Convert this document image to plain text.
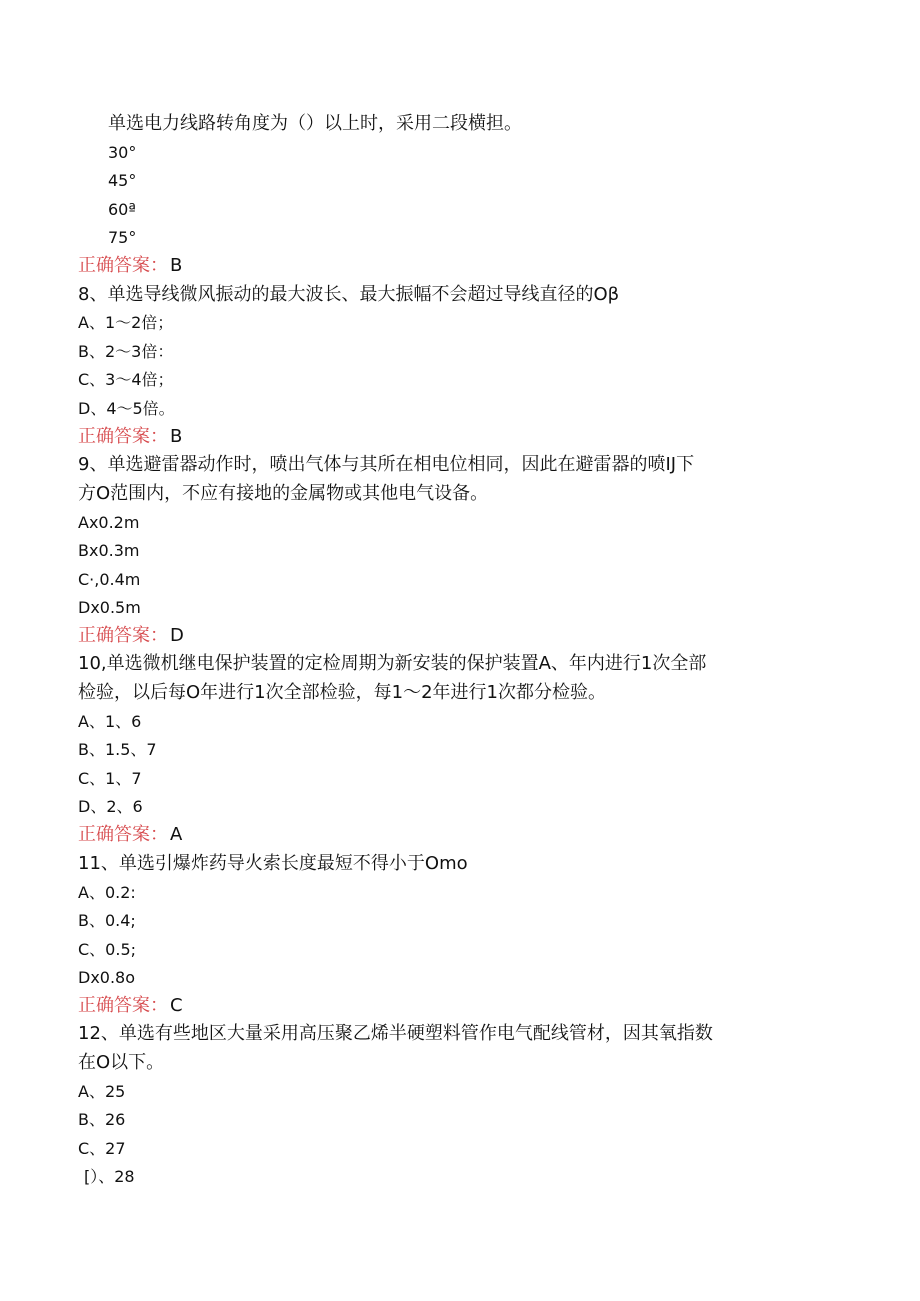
单选电力线路转角度为（）以上时，采用二段横担。
30°
45°
60ª
75°
正确答案： B
8、单选导线微风振动的最大波长、最大振幅不会超过导线直径的Oβ
A、1〜2倍；
B、2〜3倍：
C、3〜4倍；
D、4〜5倍。
正确答案： B
9、单选避雷器动作时，喷出气体与其所在相电位相同，因此在避雷器的喷IJ下
方O范围内，不应有接地的金属物或其他电气设备。
Ax0.2m
Bx0.3m
C·,0.4m
Dx0.5m
正确答案： D
10,单选微机继电保护装置的定检周期为新安装的保护装置A、年内进行1次全部
检验，以后每O年进行1次全部检验，每1〜2年进行1次都分检验。
A、1、6
B、1.5、7
C、1、7
D、2、6
正确答案： A
11、单选引爆炸药导火索长度最短不得小于Omo
A、0.2:
B、0.4;
C、0.5;
Dx0.8o
正确答案： C
12、单选有些地区大量采用高压聚乙烯半硬塑料管作电气配线管材，因其氧指数
在O以下。
A、25
B、26
C、27
[）、28
